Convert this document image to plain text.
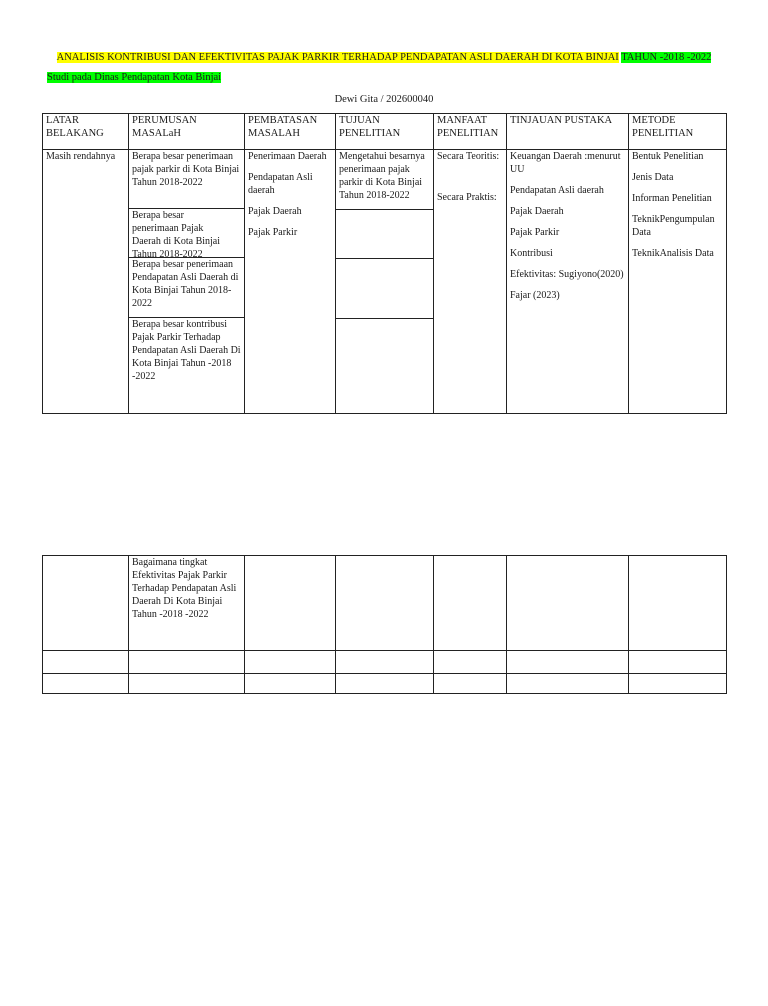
ANALISIS KONTRIBUSI DAN EFEKTIVITAS PAJAK PARKIR TERHADAP PENDAPATAN ASLI DAERAH DI KOTA BINJAI TAHUN -2018 -2022
Studi pada Dinas Pendapatan Kota Binjai
Dewi Gita / 202600040
LATAR BELAKANG
PERUMUSAN MASALaH
PEMBATASAN MASALAH
TUJUAN PENELITIAN
MANFAAT PENELITIAN
TINJAUAN PUSTAKA	METODE PENELITIAN
Masih rendahnya	Berapa besar penerimaan pajak parkir di Kota Binjai Tahun 2018-2022
Berapa besar penerimaan Pajak Daerah di Kota Binjai Tahun 2018-2022
Berapa besar penerimaan Pendapatan Asli Daerah di Kota Binjai Tahun 2018-2022
Berapa besar kontribusi Pajak Parkir Terhadap Pendapatan Asli Daerah Di Kota Binjai Tahun -2018 -2022
Penerimaan Daerah
Pendapatan Asli daerah
Pajak Daerah
Pajak Parkir
Mengetahui besarnya penerimaan pajak parkir di Kota Binjai Tahun 2018-2022
Secara Teoritis:
Secara Praktis:
Keuangan Daerah :menurut UU
Pendapatan Asli daerah
Pajak Daerah
Pajak Parkir
Kontribusi
Efektivitas: Sugiyono(2020)
Fajar (2023)
Bentuk Penelitian
Jenis Data
Informan Penelitian
TeknikPengumpulan Data
TeknikAnalisis Data
Bagaimana tingkat Efektivitas Pajak Parkir Terhadap Pendapatan Asli Daerah Di Kota Binjai Tahun -2018 -2022
